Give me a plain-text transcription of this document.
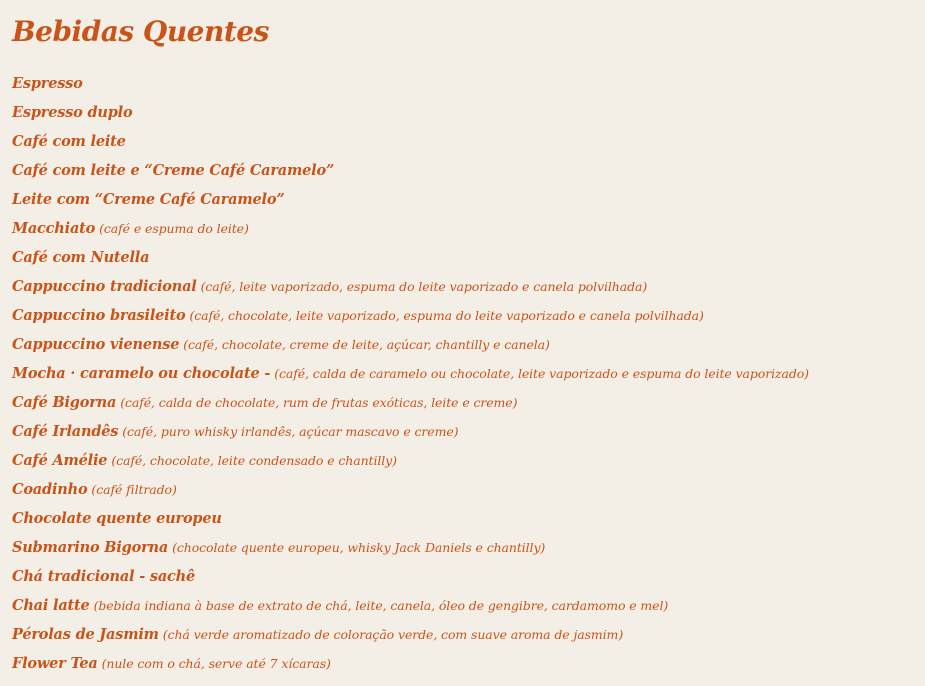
Bebidas Quentes
Espresso
Espresso duplo
Café com leite
Café com leite e “Creme Café Caramelo”
Leite com “Creme Café Caramelo”
Macchiato (café e espuma do leite)
Café com Nutella
Cappuccino tradicional (café, leite vaporizado, espuma do leite vaporizado e canela polvilhada)
Cappuccino brasileito (café, chocolate, leite vaporizado, espuma do leite vaporizado e canela polvilhada)
Cappuccino vienense (café, chocolate, creme de leite, açúcar, chantilly e canela)
Mocha · caramelo ou chocolate - (café, calda de caramelo ou chocolate, leite vaporizado e espuma do leite vaporizado)
Café Bigorna (café, calda de chocolate, rum de frutas exóticas, leite e creme)
Café Irlandês (café, puro whisky irlandês, açúcar mascavo e creme)
Café Amélie (café, chocolate, leite condensado e chantilly)
Coadinho (café filtrado)
Chocolate quente europeu
Submarino Bigorna (chocolate quente europeu, whisky Jack Daniels e chantilly)
Chá tradicional - sachê
Chai latte (bebida indiana à base de extrato de chá, leite, canela, óleo de gengibre, cardamomo e mel)
Pérolas de Jasmim (chá verde aromatizado de coloração verde, com suave aroma de jasmim)
Flower Tea (nule com o chá, serve até 7 xícaras)
